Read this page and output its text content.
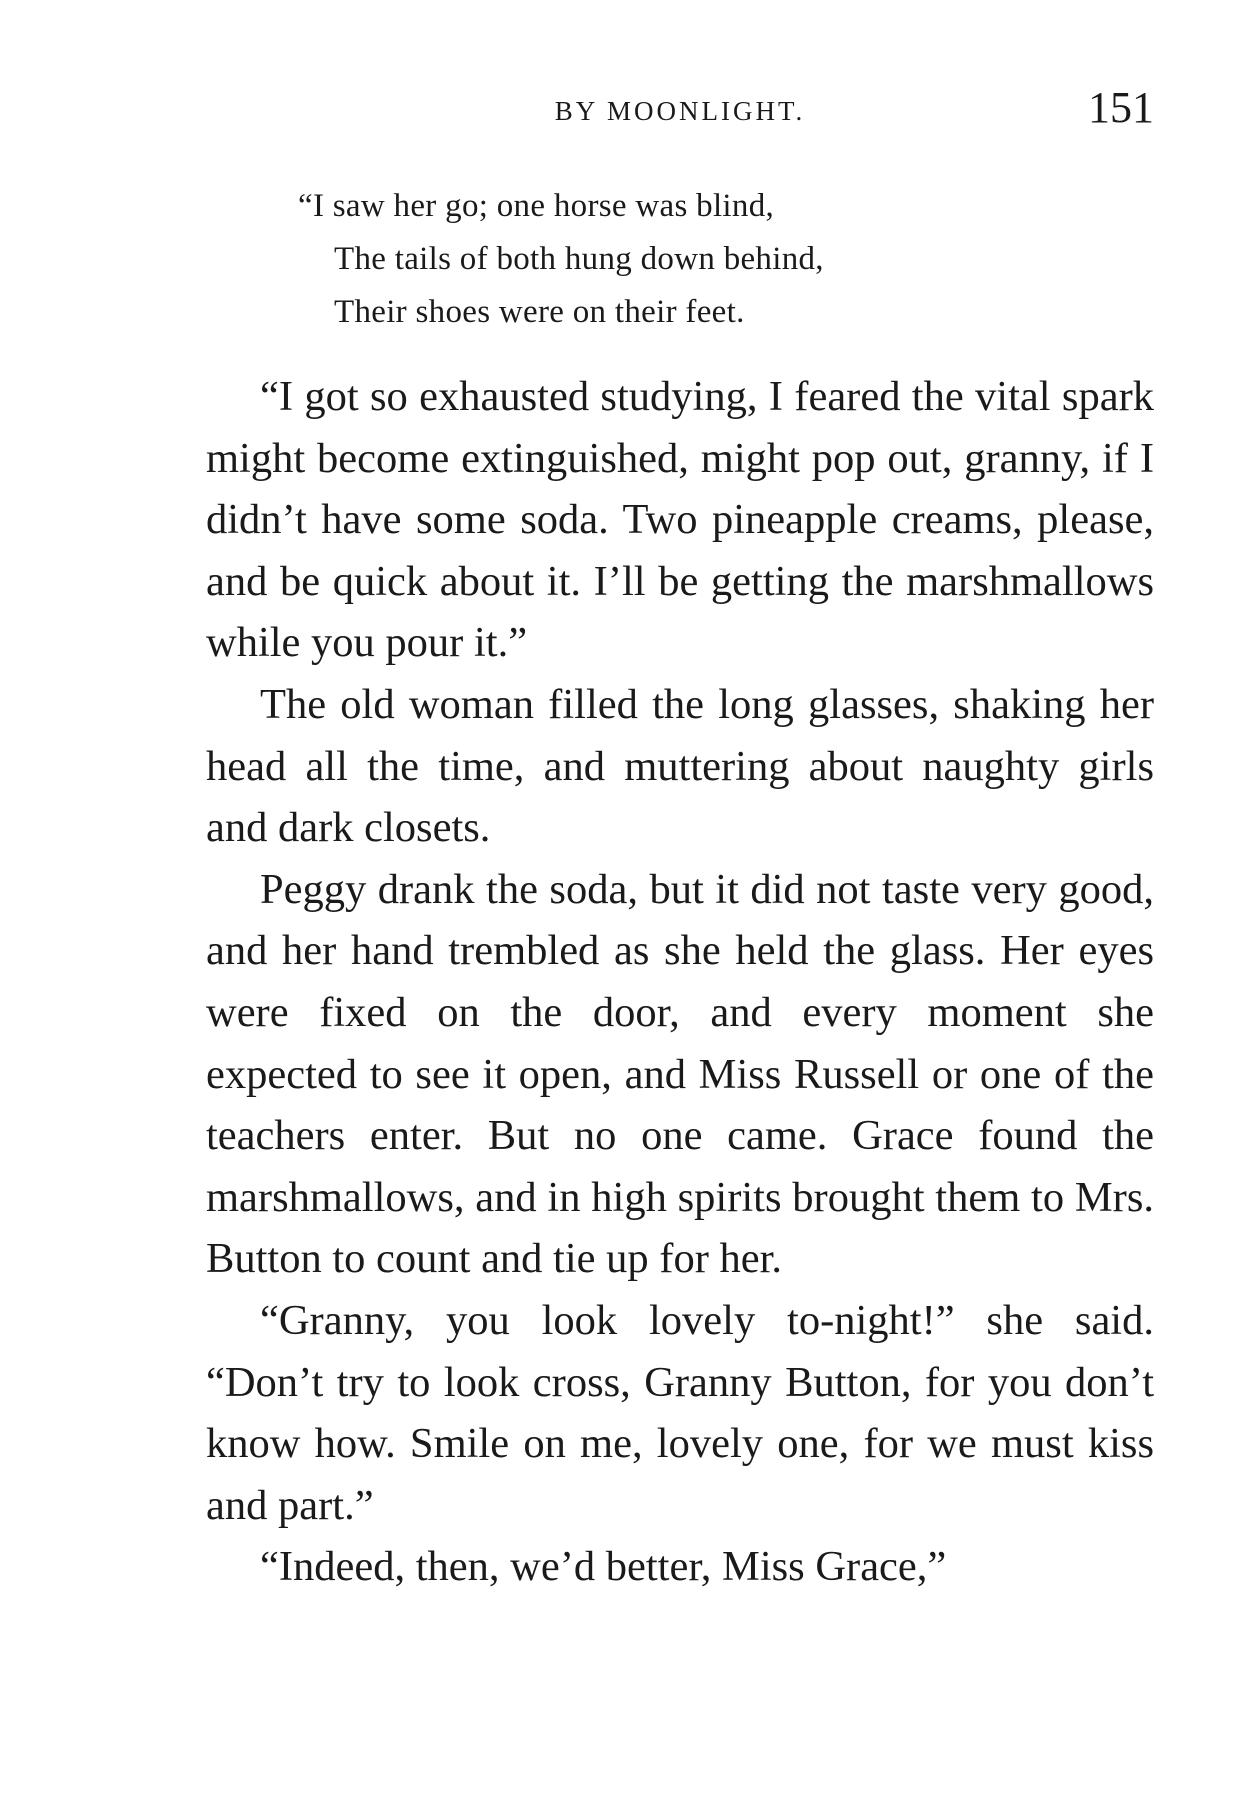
BY MOONLIGHT.	151
“I saw her go; one horse was blind,
The tails of both hung down behind,
Their shoes were on their feet.

“I got so exhausted studying, I feared the vital spark might become extinguished, might pop out, granny, if I didn’t have some soda. Two pineapple creams, please, and be quick about it. I’ll be getting the marshmallows while you pour it.”

The old woman filled the long glasses, shaking her head all the time, and muttering about naughty girls and dark closets.

Peggy drank the soda, but it did not taste very good, and her hand trembled as she held the glass. Her eyes were fixed on the door, and every moment she expected to see it open, and Miss Russell or one of the teachers enter. But no one came. Grace found the marshmallows, and in high spirits brought them to Mrs. Button to count and tie up for her.

“Granny, you look lovely to-night!” she said. “Don’t try to look cross, Granny Button, for you don’t know how. Smile on me, lovely one, for we must kiss and part.”

“Indeed, then, we’d better, Miss Grace,”
